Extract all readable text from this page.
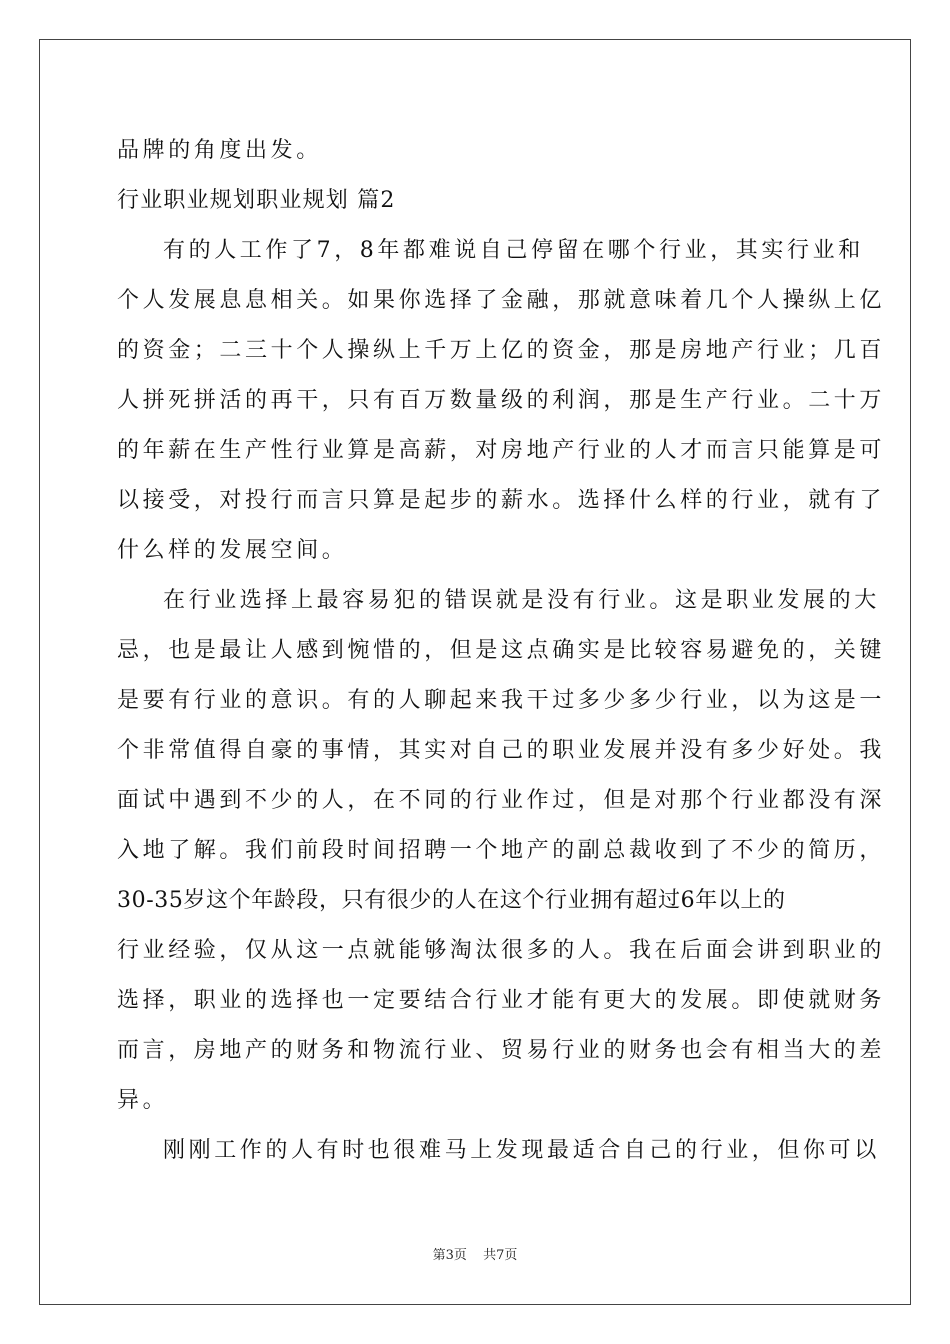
品牌的角度出发。

行业职业规划职业规划 篇2

有的人工作了7，8年都难说自己停留在哪个行业，其实行业和

个人发展息息相关。如果你选择了金融，那就意味着几个人操纵上亿

的资金；二三十个人操纵上千万上亿的资金，那是房地产行业；几百

人拼死拼活的再干，只有百万数量级的利润，那是生产行业。二十万

的年薪在生产性行业算是高薪，对房地产行业的人才而言只能算是可

以接受，对投行而言只算是起步的薪水。选择什么样的行业，就有了

什么样的发展空间。

在行业选择上最容易犯的错误就是没有行业。这是职业发展的大

忌，也是最让人感到惋惜的，但是这点确实是比较容易避免的，关键

是要有行业的意识。有的人聊起来我干过多少多少行业，以为这是一

个非常值得自豪的事情，其实对自己的职业发展并没有多少好处。我

面试中遇到不少的人，在不同的行业作过，但是对那个行业都没有深

入地了解。我们前段时间招聘一个地产的副总裁收到了不少的简历，

30-35岁这个年龄段，只有很少的人在这个行业拥有超过6年以上的

行业经验，仅从这一点就能够淘汰很多的人。我在后面会讲到职业的

选择，职业的选择也一定要结合行业才能有更大的发展。即使就财务

而言，房地产的财务和物流行业、贸易行业的财务也会有相当大的差

异。

刚刚工作的人有时也很难马上发现最适合自己的行业，但你可以

第3页 共7页
